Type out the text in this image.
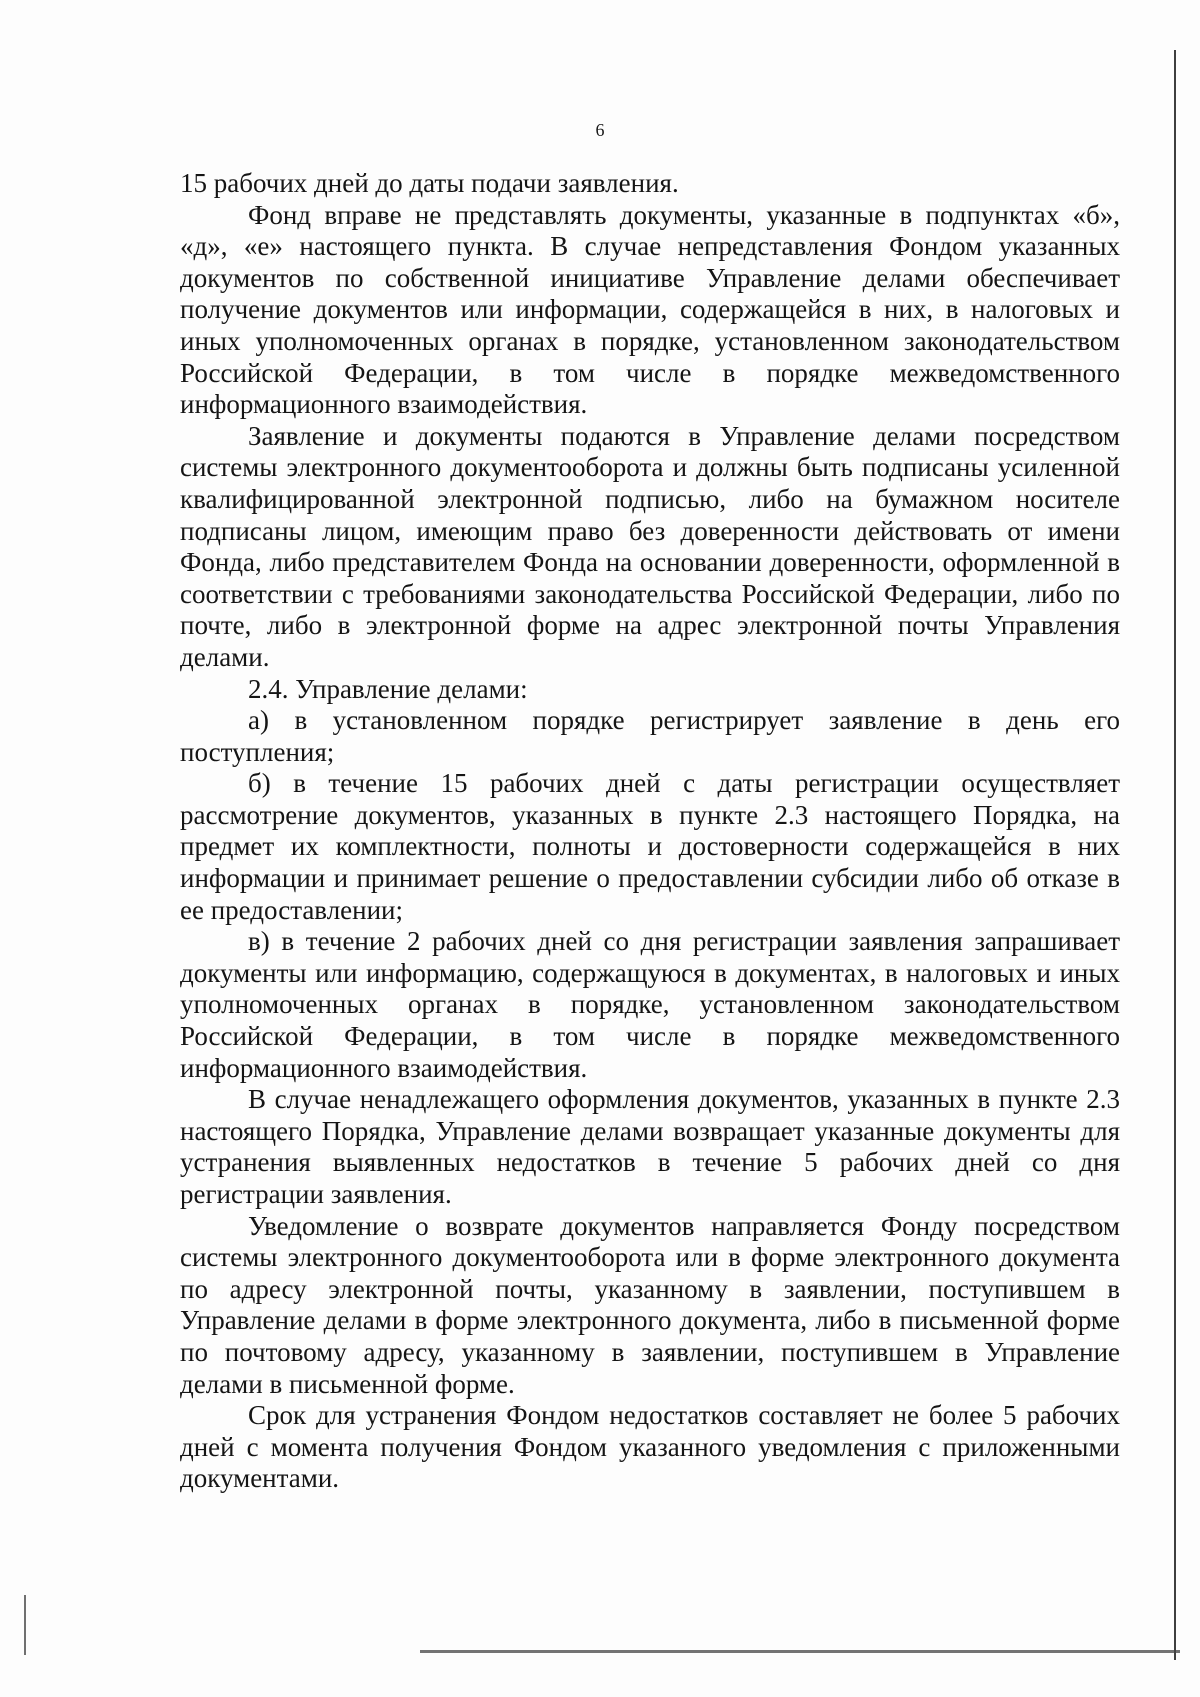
6

15 рабочих дней до даты подачи заявления.

Фонд вправе не представлять документы, указанные в подпунктах «б», «д», «е» настоящего пункта. В случае непредставления Фондом указанных документов по собственной инициативе Управление делами обеспечивает получение документов или информации, содержащейся в них, в налоговых и иных уполномоченных органах в порядке, установленном законодательством Российской Федерации, в том числе в порядке межведомственного информационного взаимодействия.

Заявление и документы подаются в Управление делами посредством системы электронного документооборота и должны быть подписаны усиленной квалифицированной электронной подписью, либо на бумажном носителе подписаны лицом, имеющим право без доверенности действовать от имени Фонда, либо представителем Фонда на основании доверенности, оформленной в соответствии с требованиями законодательства Российской Федерации, либо по почте, либо в электронной форме на адрес электронной почты Управления делами.

2.4. Управление делами:

а) в установленном порядке регистрирует заявление в день его поступления;

б) в течение 15 рабочих дней с даты регистрации осуществляет рассмотрение документов, указанных в пункте 2.3 настоящего Порядка, на предмет их комплектности, полноты и достоверности содержащейся в них информации и принимает решение о предоставлении субсидии либо об отказе в ее предоставлении;

в) в течение 2 рабочих дней со дня регистрации заявления запрашивает документы или информацию, содержащуюся в документах, в налоговых и иных уполномоченных органах в порядке, установленном законодательством Российской Федерации, в том числе в порядке межведомственного информационного взаимодействия.

В случае ненадлежащего оформления документов, указанных в пункте 2.3 настоящего Порядка, Управление делами возвращает указанные документы для устранения выявленных недостатков в течение 5 рабочих дней со дня регистрации заявления.

Уведомление о возврате документов направляется Фонду посредством системы электронного документооборота или в форме электронного документа по адресу электронной почты, указанному в заявлении, поступившем в Управление делами в форме электронного документа, либо в письменной форме по почтовому адресу, указанному в заявлении, поступившем в Управление делами в письменной форме.

Срок для устранения Фондом недостатков составляет не более 5 рабочих дней с момента получения Фондом указанного уведомления с приложенными документами.
